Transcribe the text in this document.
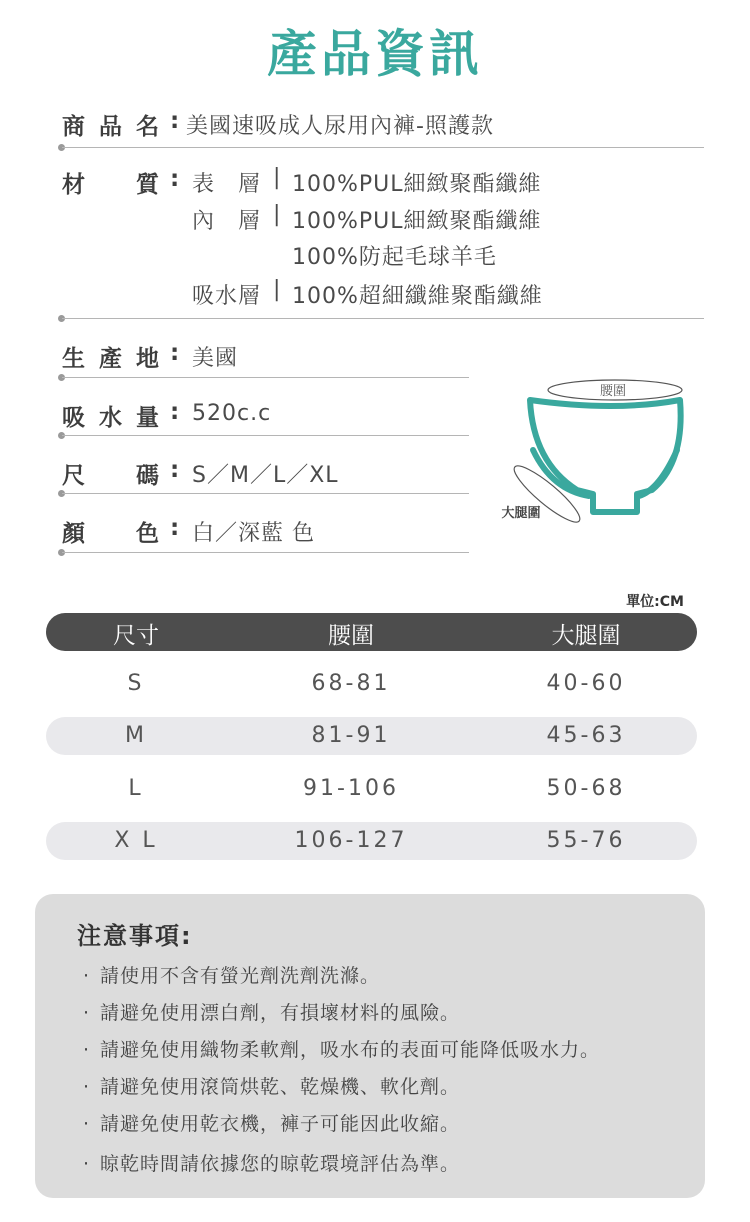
產品資訊
商 品 名 : 美國速吸成人尿用內褲-照護款
材 質 : 表　層 | 100%PUL細緻聚酯纖維
內　層 | 100%PUL細緻聚酯纖維
100%防起毛球羊毛
吸水層 | 100%超細纖維聚酯纖維
生 產 地 : 美國
吸 水 量 : 520c.c
尺 碼 : S／M／L／XL
顏 色 : 白／深藍 色
腰圍
大腿圍
單位:CM
尺寸	腰圍	大腿圍
S	68-81	40-60
M	81-91	45-63
L	91-106	50-68
X L	106-127	55-76
注意事項:
· 請使用不含有螢光劑洗劑洗滌。
· 請避免使用漂白劑，有損壞材料的風險。
· 請避免使用織物柔軟劑，吸水布的表面可能降低吸水力。
· 請避免使用滾筒烘乾、乾燥機、軟化劑。
· 請避免使用乾衣機，褲子可能因此收縮。
· 晾乾時間請依據您的晾乾環境評估為準。
